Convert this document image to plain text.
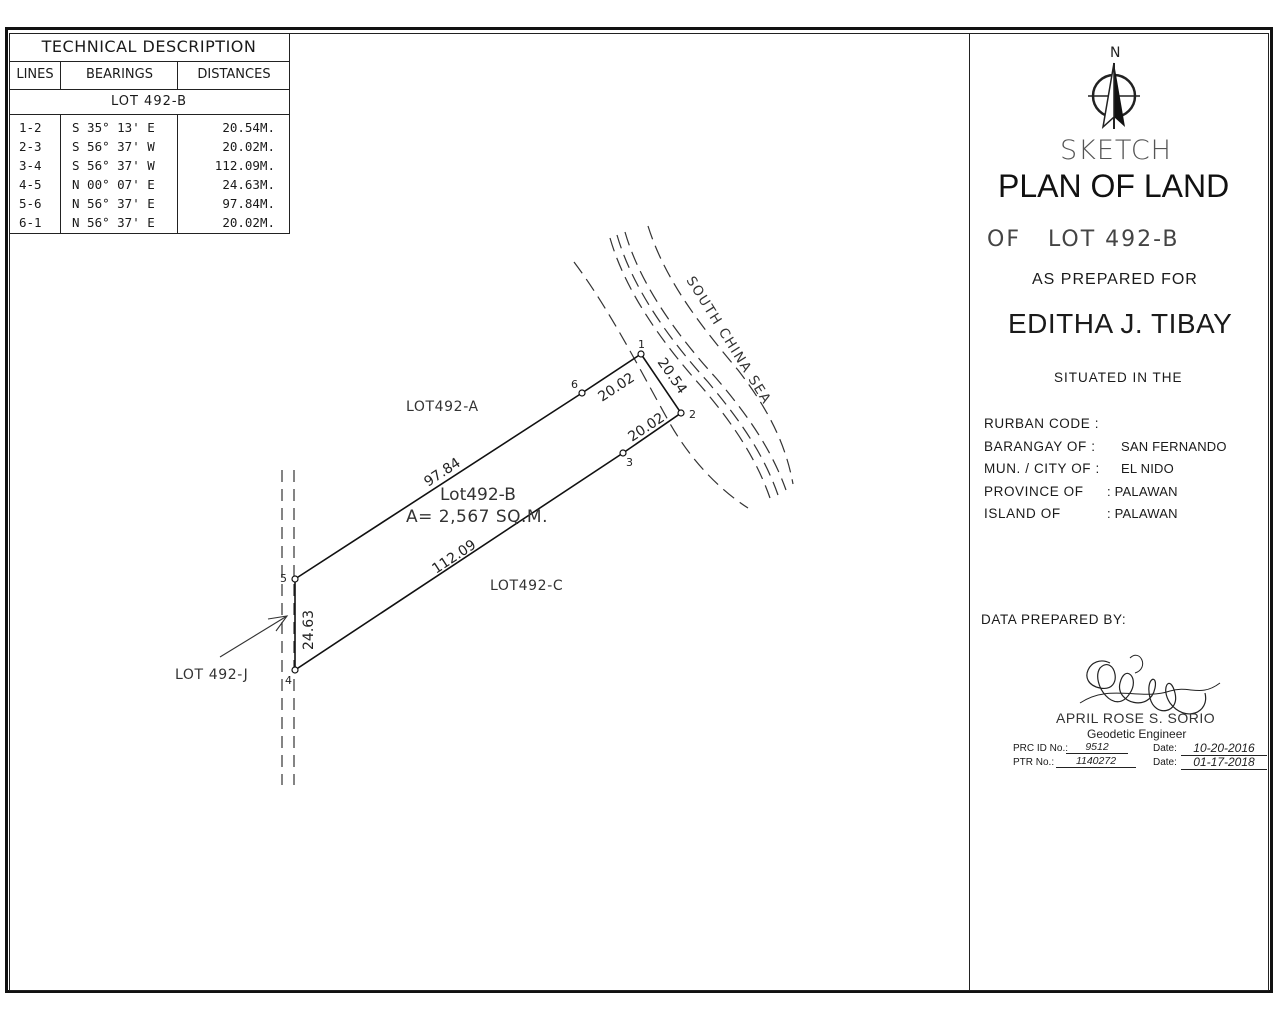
TECHNICAL DESCRIPTION
LINES	BEARINGS	DISTANCES
LOT 492-B
1-2 S 35° 13' E	20.54M.
2-3 S 56° 37' W	20.02M.
3-4 S 56° 37' W	112.09M.
4-5 N 00° 07' E	24.63M.
5-6 N 56° 37' E	97.84M.
6-1 N 56° 37' E	20.02M.
1
2
3
4
5
6
97.84
20.02 20.54
20.02
112.09
24.63
Lot492-B
A= 2,567 SQ.M.
LOT492-A
LOT492-C
LOT 492-J
SOUTH CHINA SEA
N
SKETCH
PLAN OF LAND
OF   LOT 492-B
AS PREPARED FOR
EDITHA J. TIBAY
SITUATED IN THE
RURBAN CODE :
BARANGAY OF : SAN FERNANDO
MUN. / CITY OF : EL NIDO
PROVINCE OF : PALAWAN
ISLAND OF	: PALAWAN
DATA PREPARED BY:
APRIL ROSE S. SORIO
Geodetic Engineer
PRC ID No.:	9512	Date:	10-20-2016
PTR No.:	1140272	Date:	01-17-2018
